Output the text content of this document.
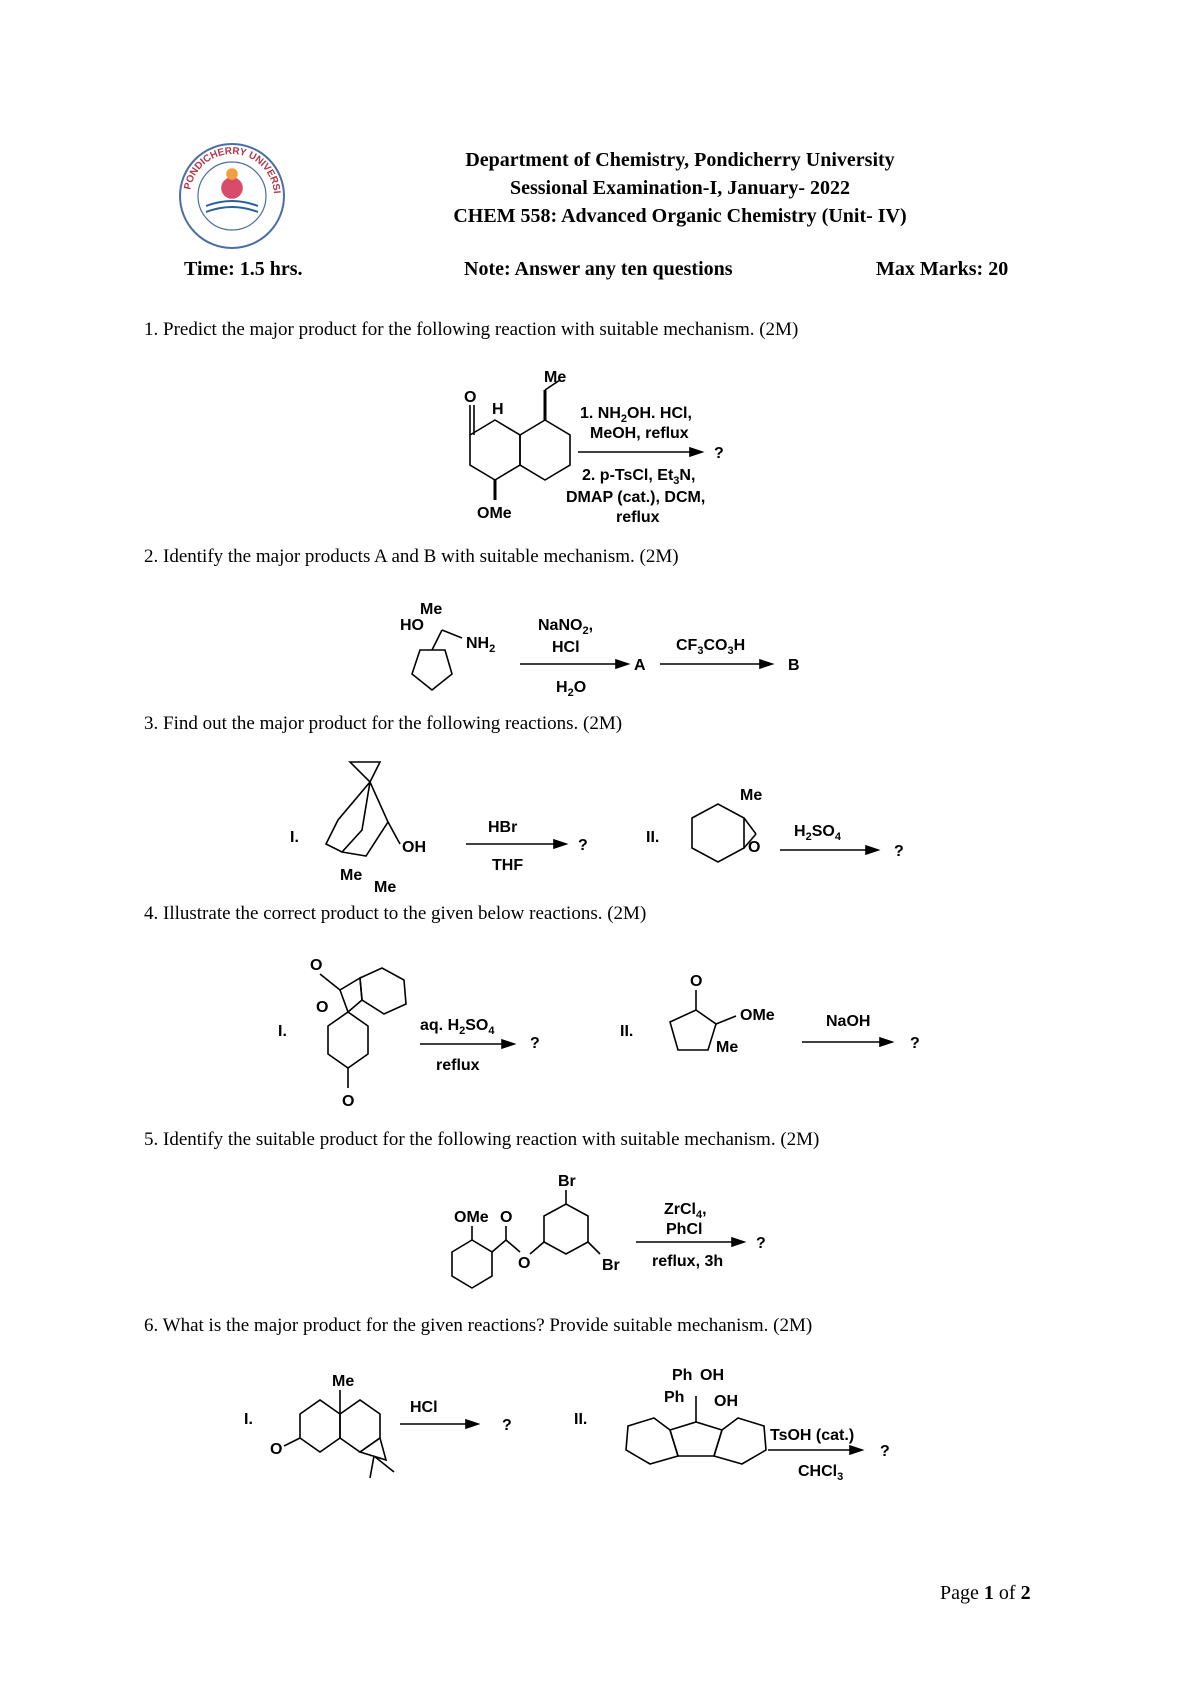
PONDICHERRY UNIVERSITY
Department of Chemistry, Pondicherry University
Sessional Examination-I, January- 2022
CHEM 558: Advanced Organic Chemistry (Unit- IV)
Time: 1.5 hrs.	Note: Answer any ten questions	Max Marks: 20
1. Predict the major product for the following reaction with suitable mechanism. (2M)
O
H
Me
OMe
1. $NH_2OH$. HCl,
MeOH, reflux
?
2. p-TsCl, $Et_3N$,
DMAP (cat.), DCM,
reflux
2. Identify the major products A and B with suitable mechanism. (2M)
HO
Me
$NH_2$
NaNO$_2$,
HCl
$H_2O$
A
$CF_3CO_3H$
B
3. Find out the major product for the following reactions. (2M)
I.
OH
Me
Me
HBr
THF
?	II.
Me
O
$H_2SO_4$
?
4. Illustrate the correct product to the given below reactions. (2M)
I.
O
O
O
aq. $H_2SO_4$
reflux
?
II.
O
OMe
Me
NaOH
?
5. Identify the suitable product for the following reaction with suitable mechanism. (2M)
OMe O
O
Br
Br
ZrCl$_4$,
PhCl
reflux, 3h
?
6. What is the major product for the given reactions? Provide suitable mechanism. (2M)
I.
Me
O
HCl
?	II.
Ph OH
Ph OH
TsOH (cat.)
CHCl$_3$
?
Page 1 of 2
